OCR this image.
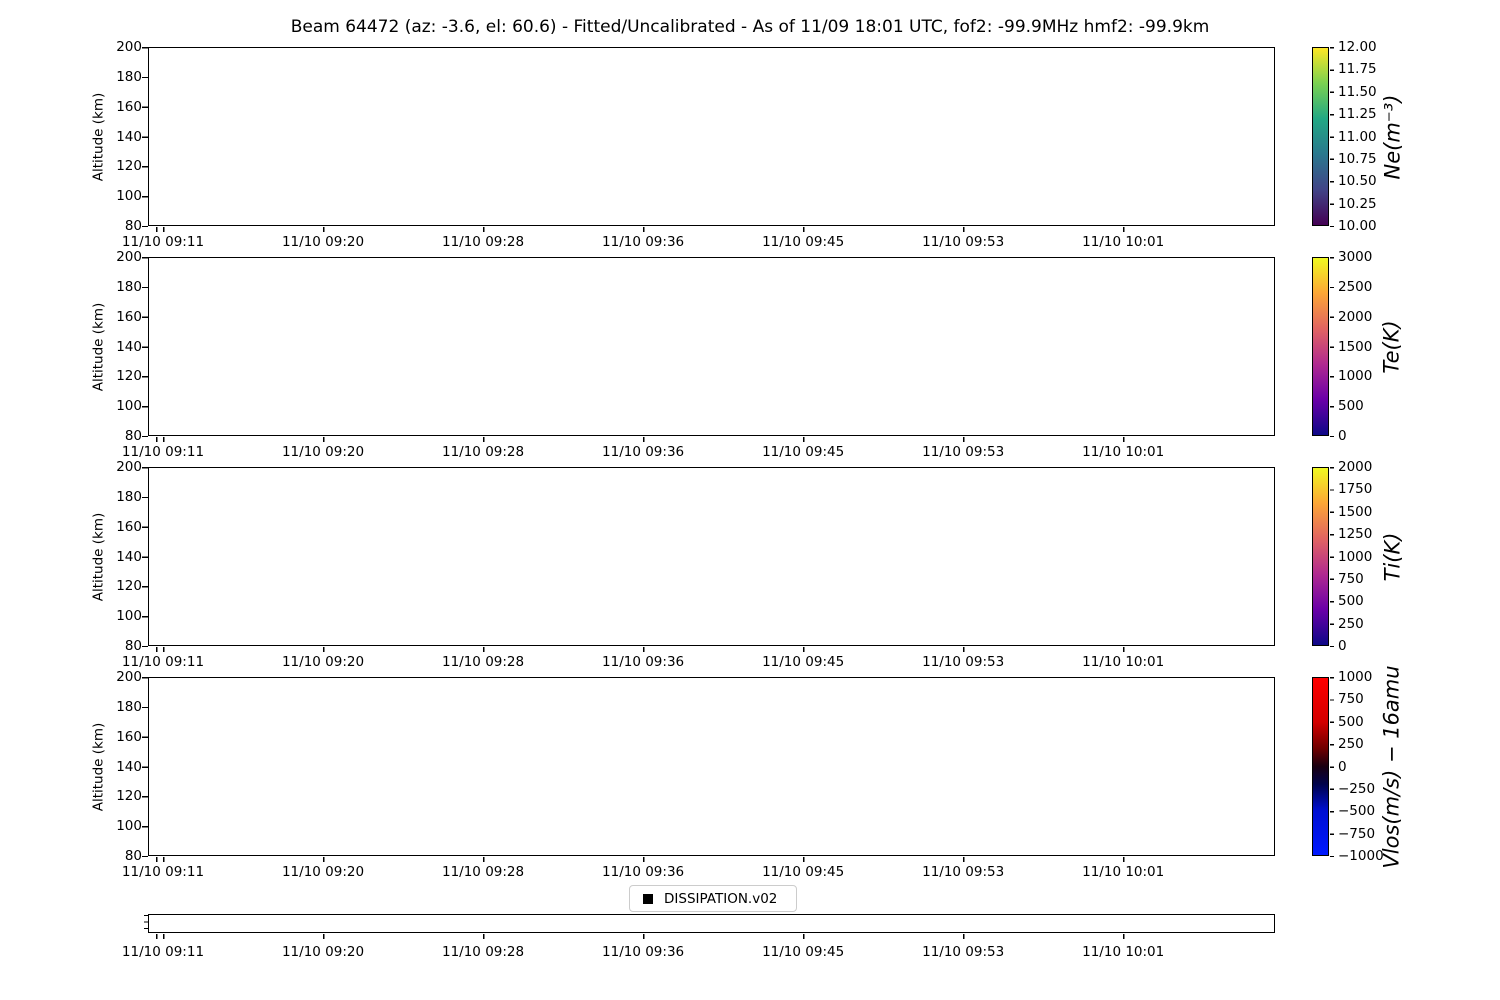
Beam 64472 (az: -3.6, el: 60.6) - Fitted/Uncalibrated - As of 11/09 18:01 UTC, fof2: -99.9MHz hmf2: -99.9km
200
180
160
140
120
100
80
Altitude (km)
11/10 09:11	11/10 09:20	11/10 09:28	11/10 09:36	11/10 09:45	11/10 09:53	11/10 10:01
12.00
11.75
11.50
11.25
11.00
10.75
10.50
10.25
10.00
Ne(m⁻³)
200
180
160
140
120
100
80
Altitude (km)
11/10 09:11	11/10 09:20	11/10 09:28	11/10 09:36	11/10 09:45	11/10 09:53	11/10 10:01
3000
2500
2000
1500
1000
500
0
Te(K)
200
180
160
140
120
100
80
Altitude (km)
11/10 09:11	11/10 09:20	11/10 09:28	11/10 09:36	11/10 09:45	11/10 09:53	11/10 10:01
2000
1750
1500
1250
1000
750
500
250
0
Ti(K)
200
180
160
140
120
100
80
Altitude (km)
11/10 09:11	11/10 09:20	11/10 09:28	11/10 09:36	11/10 09:45	11/10 09:53	11/10 10:01
1000
750
500
250
0
−250
−500
−750
−1000
Vlos(m/s) − 16amu
DISSIPATION.v02
11/10 09:11	11/10 09:20	11/10 09:28	11/10 09:36	11/10 09:45	11/10 09:53	11/10 10:01
